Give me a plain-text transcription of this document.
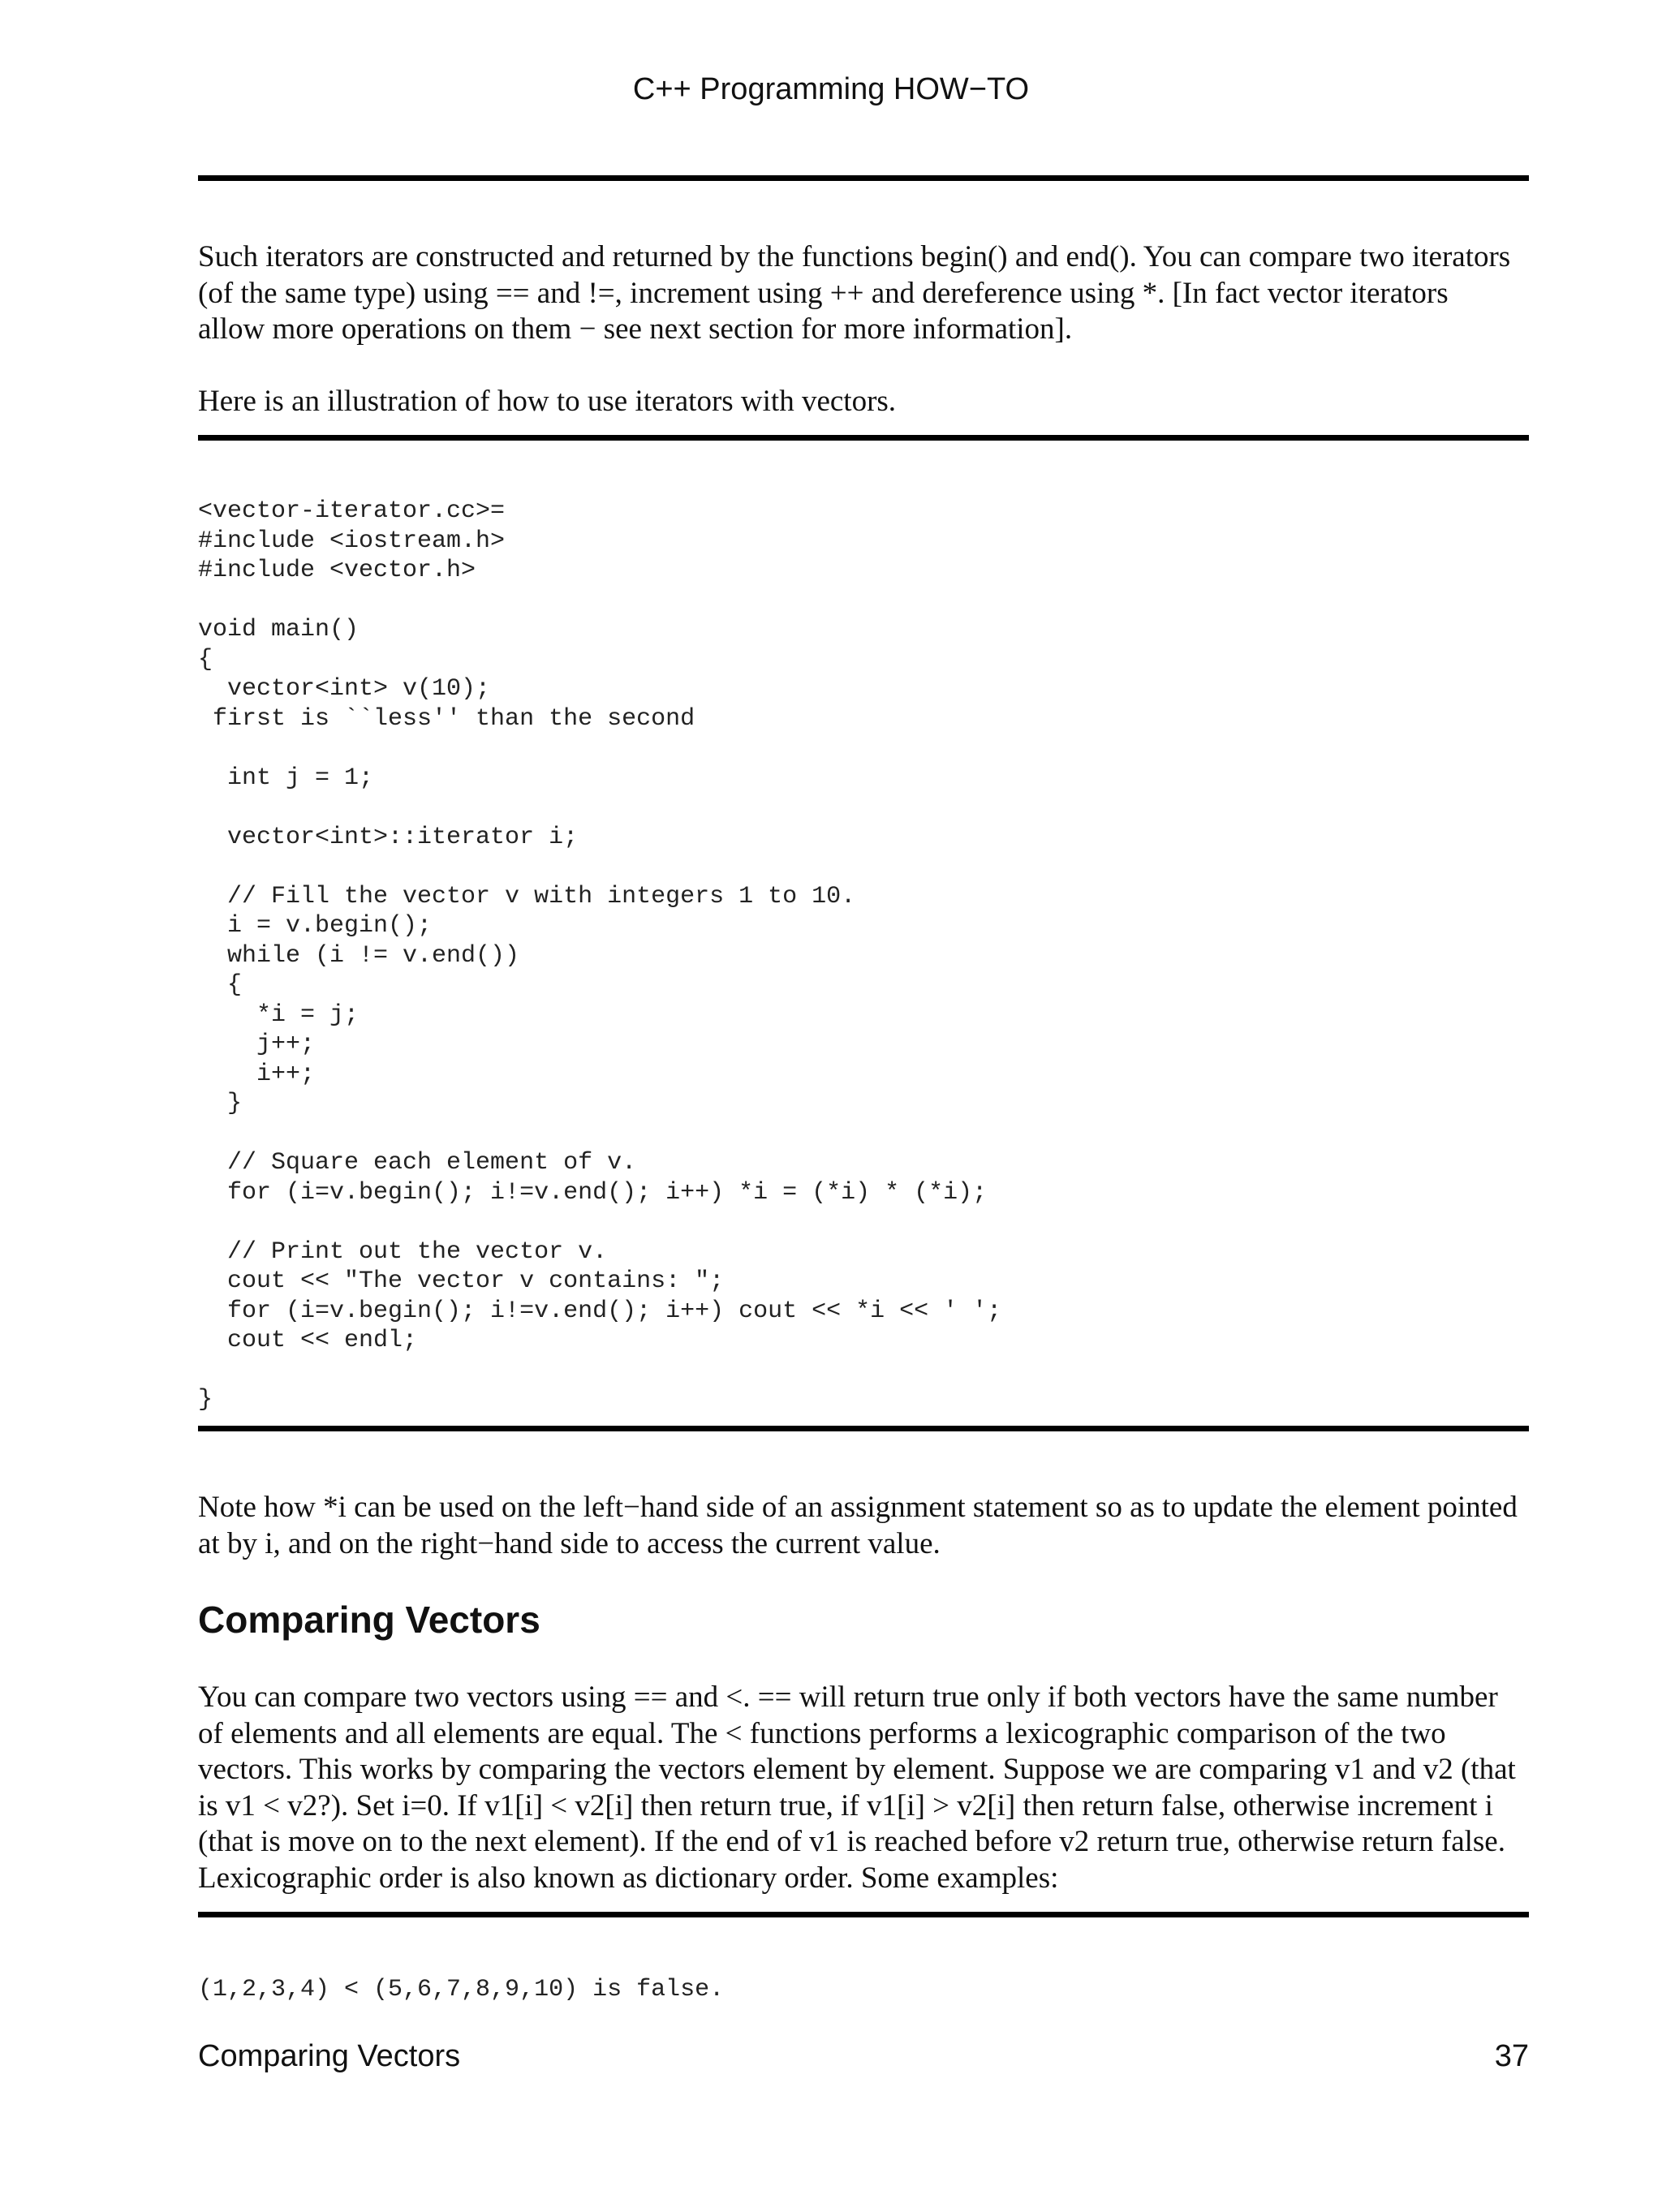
C++ Programming HOW−TO

Such iterators are constructed and returned by the functions begin() and end(). You can compare two iterators
(of the same type) using == and !=, increment using ++ and dereference using *. [In fact vector iterators
allow more operations on them − see next section for more information].

Here is an illustration of how to use iterators with vectors.

<vector-iterator.cc>=
#include <iostream.h>
#include <vector.h>

void main()
{
vector<int> v(10);
first is ``less'' than the second

int j = 1;

vector<int>::iterator i;

// Fill the vector v with integers 1 to 10.
i = v.begin();
while (i != v.end())
{
*i = j;
j++;
i++;
}

// Square each element of v.
for (i=v.begin(); i!=v.end(); i++) *i = (*i) * (*i);

// Print out the vector v.
cout << "The vector v contains: ";
for (i=v.begin(); i!=v.end(); i++) cout << *i << ' ';
cout << endl;

}

Note how *i can be used on the left−hand side of an assignment statement so as to update the element pointed
at by i, and on the right−hand side to access the current value.

Comparing Vectors

You can compare two vectors using == and <. == will return true only if both vectors have the same number
of elements and all elements are equal. The < functions performs a lexicographic comparison of the two
vectors. This works by comparing the vectors element by element. Suppose we are comparing v1 and v2 (that
is v1 < v2?). Set i=0. If v1[i] < v2[i] then return true, if v1[i] > v2[i] then return false, otherwise increment i
(that is move on to the next element). If the end of v1 is reached before v2 return true, otherwise return false.
Lexicographic order is also known as dictionary order. Some examples:

(1,2,3,4) < (5,6,7,8,9,10) is false.
Comparing Vectors	37
